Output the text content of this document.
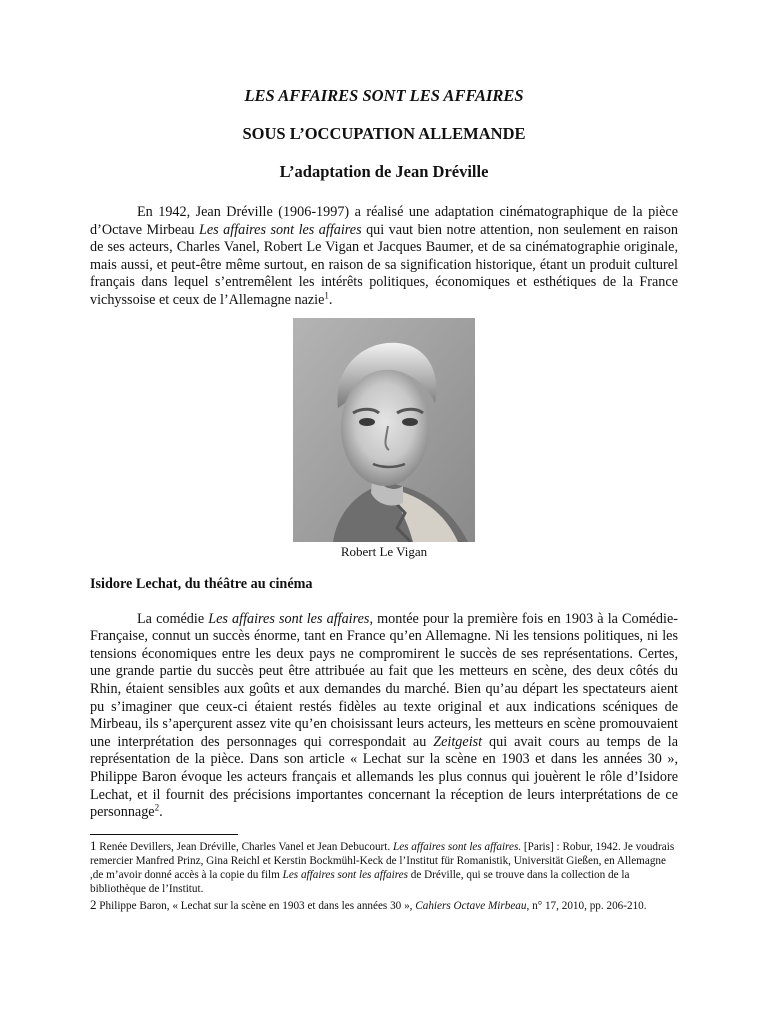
LES AFFAIRES SONT LES AFFAIRES
SOUS L’OCCUPATION ALLEMANDE
L’adaptation de Jean Dréville

En 1942, Jean Dréville (1906-1997) a réalisé une adaptation cinématographique de la pièce d’Octave Mirbeau Les affaires sont les affaires qui vaut bien notre attention, non seulement en raison de ses acteurs, Charles Vanel, Robert Le Vigan et Jacques Baumer, et de sa cinématographie originale, mais aussi, et peut-être même surtout, en raison de sa signification historique, étant un produit culturel français dans lequel s’entremêlent les intérêts politiques, économiques et esthétiques de la France vichyssoise et ceux de l’Allemagne nazie$^1$.

Robert Le Vigan
Isidore Lechat, du théâtre au cinéma

La comédie Les affaires sont les affaires, montée pour la première fois en 1903 à la Comédie-Française, connut un succès énorme, tant en France qu’en Allemagne. Ni les tensions politiques, ni les tensions économiques entre les deux pays ne compromirent le succès de ses représentations. Certes, une grande partie du succès peut être attribuée au fait que les metteurs en scène, des deux côtés du Rhin, étaient sensibles aux goûts et aux demandes du marché. Bien qu’au départ les spectateurs aient pu s’imaginer que ceux-ci étaient restés fidèles au texte original et aux indications scéniques de Mirbeau, ils s’aperçurent assez vite qu’en choisissant leurs acteurs, les metteurs en scène promouvaient une interprétation des personnages qui correspondait au Zeitgeist qui avait cours au temps de la représentation de la pièce. Dans son article « Lechat sur la scène en 1903 et dans les années 30 », Philippe Baron évoque les acteurs français et allemands les plus connus qui jouèrent le rôle d’Isidore Lechat, et il fournit des précisions importantes concernant la réception de leurs interprétations de ce personnage$^2$.

1 Renée Devillers, Jean Dréville, Charles Vanel et Jean Debucourt. Les affaires sont les affaires. [Paris] : Robur, 1942. Je voudrais remercier Manfred Prinz, Gina Reichl et Kerstin Bockmühl-Keck de l’Institut für Romanistik, Universität Gießen, en Allemagne ,de m’avoir donné accès à la copie du film Les affaires sont les affaires de Dréville, qui se trouve dans la collection de la bibliothèque de l’Institut.

2 Philippe Baron, « Lechat sur la scène en 1903 et dans les années 30 », Cahiers Octave Mirbeau, n° 17, 2010, pp. 206-210.
